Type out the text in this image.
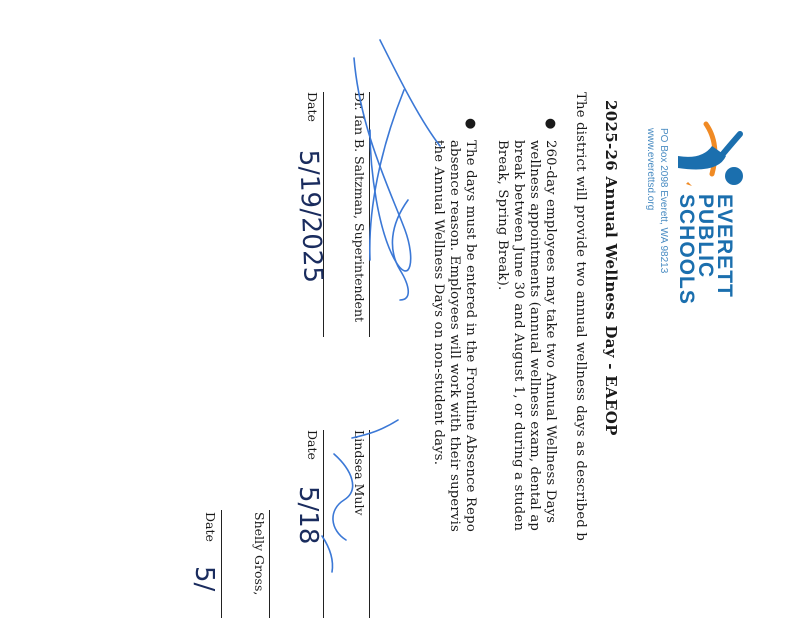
EVERETT
PUBLIC
SCHOOLS
PO Box 2098 Everett, WA 98213
www.everettsd.org
2025-26 Annual Wellness Day - EAEOP
The district will provide two annual wellness days as described b
●
260-day employees may take two Annual Wellness Days
wellness appointments (annual wellness exam, dental ap
break between June 30 and August 1, or during a studen
Break, Spring Break).
●
The days must be entered in the Frontline Absence Repo
absence reason. Employees will work with their supervis
the Annual Wellness Days on non-student days.
Dr. Ian B. Saltzman, Superintendent
Date
Lindsea Mulv
Date
Shelly Gross,
Date
5/19/2025
5/18
5/
